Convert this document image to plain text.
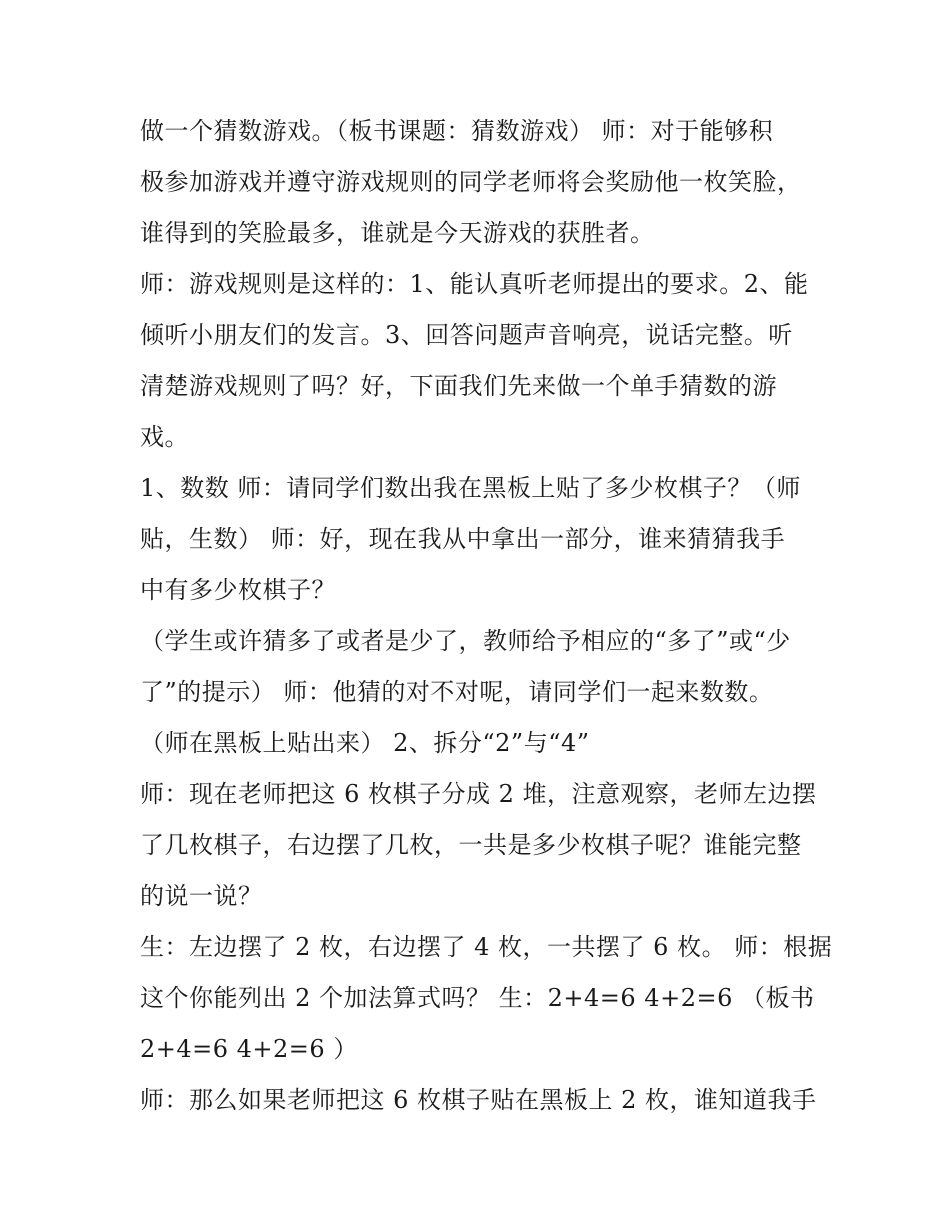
做一个猜数游戏。（板书课题：猜数游戏） 师：对于能够积
极参加游戏并遵守游戏规则的同学老师将会奖励他一枚笑脸，
谁得到的笑脸最多，谁就是今天游戏的获胜者。
师：游戏规则是这样的：1、能认真听老师提出的要求。2、能
倾听小朋友们的发言。3、回答问题声音响亮，说话完整。听
清楚游戏规则了吗？好，下面我们先来做一个单手猜数的游
戏。
1、数数 师：请同学们数出我在黑板上贴了多少枚棋子？（师
贴，生数） 师：好，现在我从中拿出一部分，谁来猜猜我手
中有多少枚棋子？
（学生或许猜多了或者是少了，教师给予相应的“多了”或“少
了”的提示） 师：他猜的对不对呢，请同学们一起来数数。
（师在黑板上贴出来） 2、拆分“2”与“4”
师：现在老师把这 6 枚棋子分成 2 堆，注意观察，老师左边摆
了几枚棋子，右边摆了几枚，一共是多少枚棋子呢？谁能完整
的说一说？
生：左边摆了 2 枚，右边摆了 4 枚，一共摆了 6 枚。 师：根据
这个你能列出 2 个加法算式吗？ 生：2+4=6 4+2=6 （板书
2+4=6 4+2=6 ）
师：那么如果老师把这 6 枚棋子贴在黑板上 2 枚，谁知道我手
